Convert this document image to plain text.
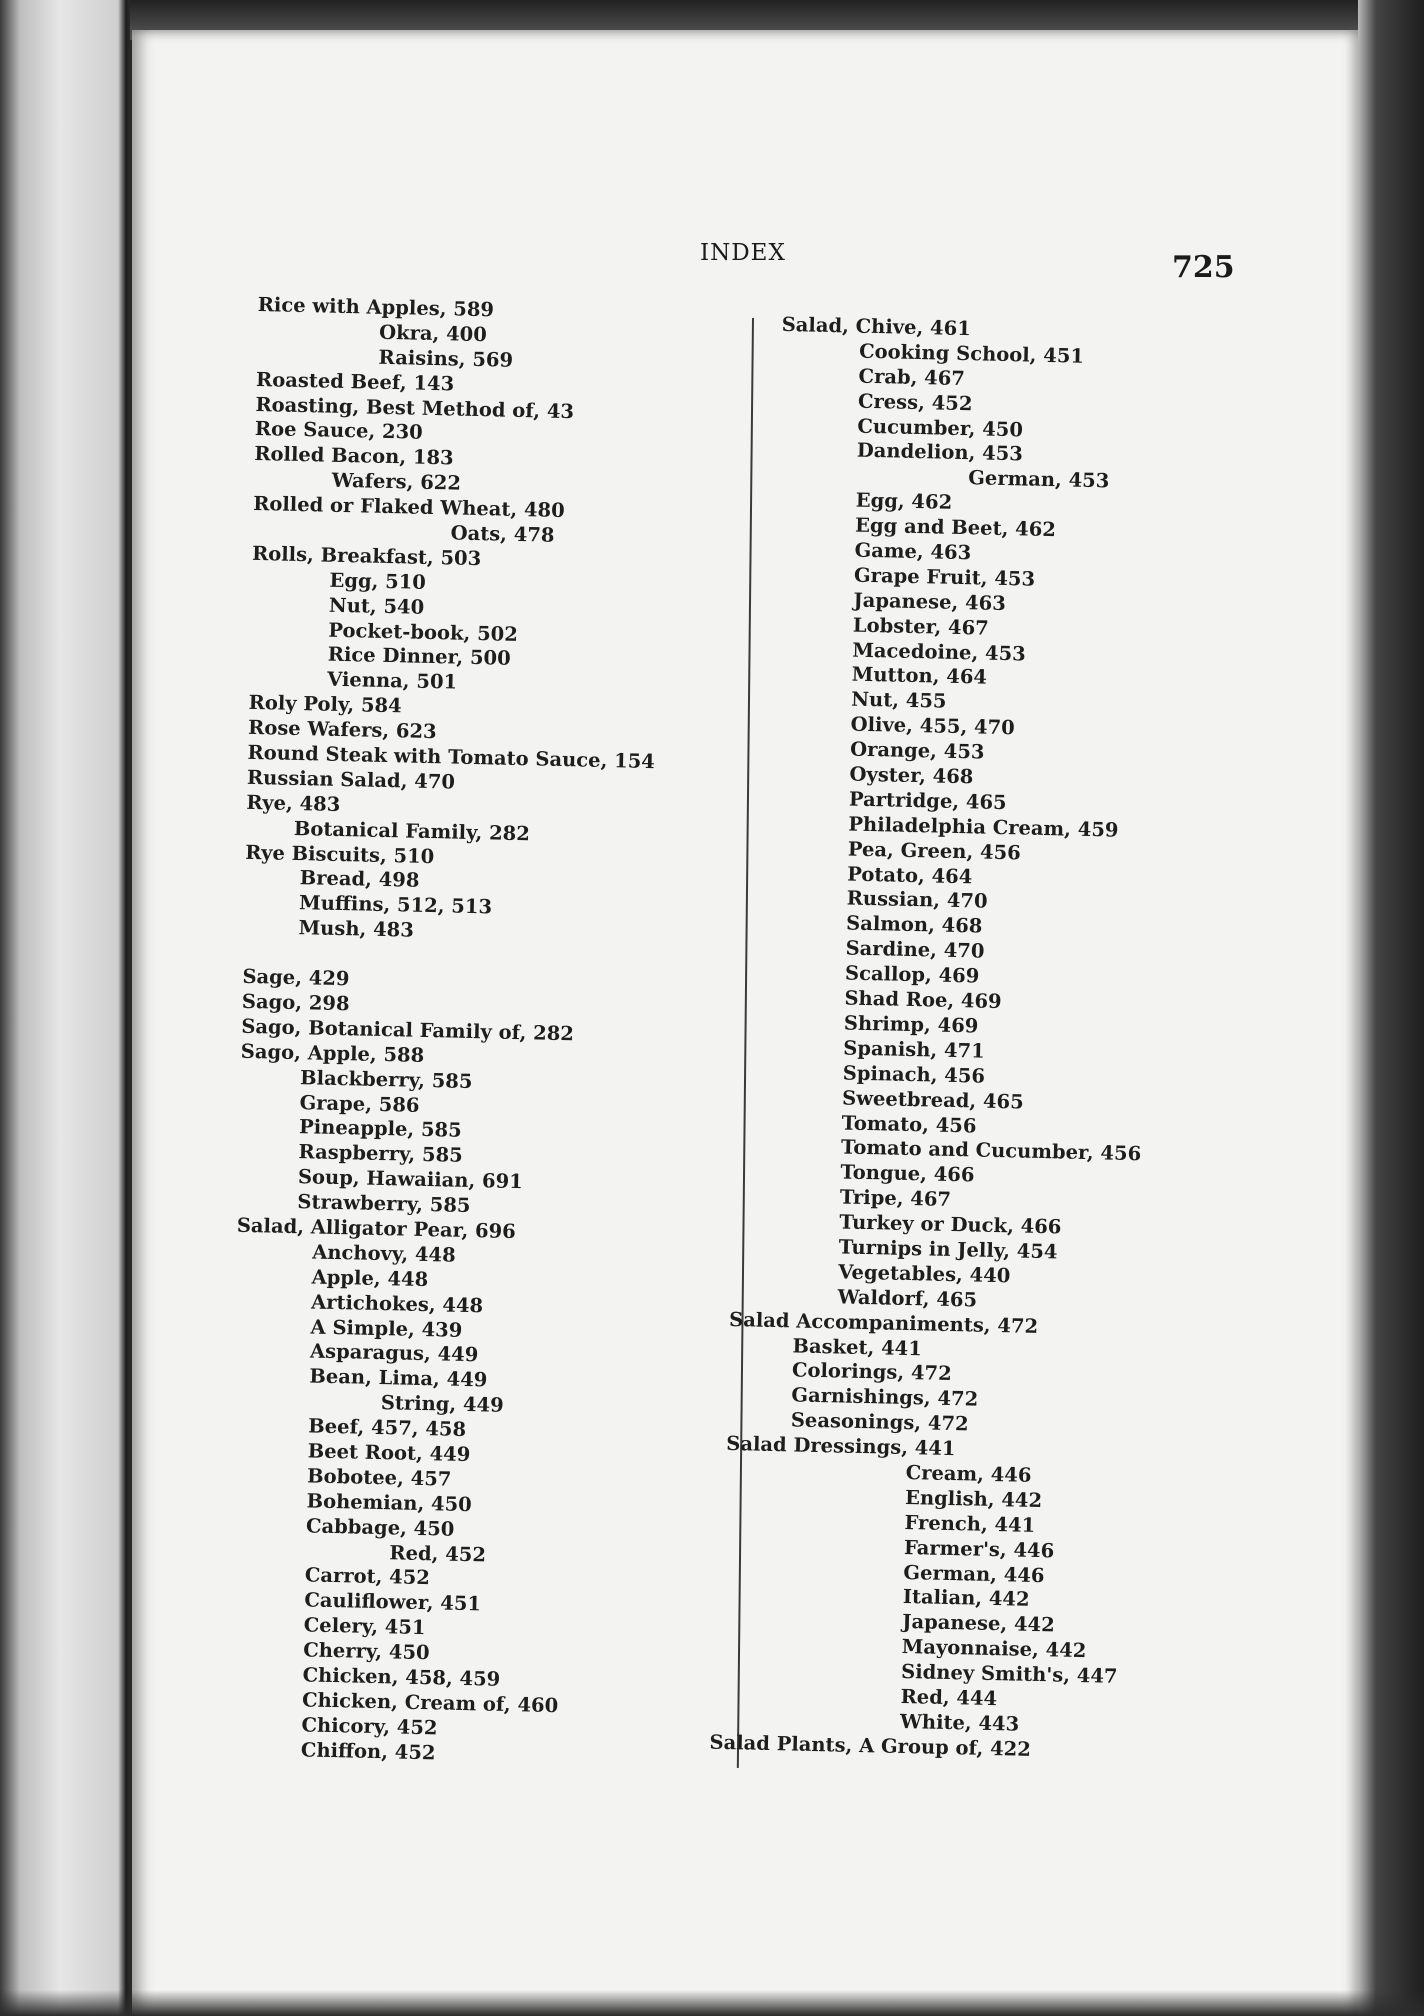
INDEX	725
Rice with Apples, 589
Okra, 400
Raisins, 569
Roasted Beef, 143
Roasting, Best Method of, 43
Roe Sauce, 230
Rolled Bacon, 183
Wafers, 622
Rolled or Flaked Wheat, 480
Oats, 478
Rolls, Breakfast, 503
Egg, 510
Nut, 540
Pocket-book, 502
Rice Dinner, 500
Vienna, 501
Roly Poly, 584
Rose Wafers, 623
Round Steak with Tomato Sauce, 154
Russian Salad, 470
Rye, 483
Botanical Family, 282
Rye Biscuits, 510
Bread, 498
Muffins, 512, 513
Mush, 483
Sage, 429
Sago, 298
Sago, Botanical Family of, 282
Sago, Apple, 588
Blackberry, 585
Grape, 586
Pineapple, 585
Raspberry, 585
Soup, Hawaiian, 691
Strawberry, 585
Salad, Alligator Pear, 696
Anchovy, 448
Apple, 448
Artichokes, 448
A Simple, 439
Asparagus, 449
Bean, Lima, 449
String, 449
Beef, 457, 458
Beet Root, 449
Bobotee, 457
Bohemian, 450
Cabbage, 450
Red, 452
Carrot, 452
Cauliflower, 451
Celery, 451
Cherry, 450
Chicken, 458, 459
Chicken, Cream of, 460
Chicory, 452
Chiffon, 452
Salad, Chive, 461
Cooking School, 451
Crab, 467
Cress, 452
Cucumber, 450
Dandelion, 453
German, 453
Egg, 462
Egg and Beet, 462
Game, 463
Grape Fruit, 453
Japanese, 463
Lobster, 467
Macedoine, 453
Mutton, 464
Nut, 455
Olive, 455, 470
Orange, 453
Oyster, 468
Partridge, 465
Philadelphia Cream, 459
Pea, Green, 456
Potato, 464
Russian, 470
Salmon, 468
Sardine, 470
Scallop, 469
Shad Roe, 469
Shrimp, 469
Spanish, 471
Spinach, 456
Sweetbread, 465
Tomato, 456
Tomato and Cucumber, 456
Tongue, 466
Tripe, 467
Turkey or Duck, 466
Turnips in Jelly, 454
Vegetables, 440
Waldorf, 465
Salad Accompaniments, 472
Basket, 441
Colorings, 472
Garnishings, 472
Seasonings, 472
Salad Dressings, 441
Cream, 446
English, 442
French, 441
Farmer's, 446
German, 446
Italian, 442
Japanese, 442
Mayonnaise, 442
Sidney Smith's, 447
Red, 444
White, 443
Salad Plants, A Group of, 422
